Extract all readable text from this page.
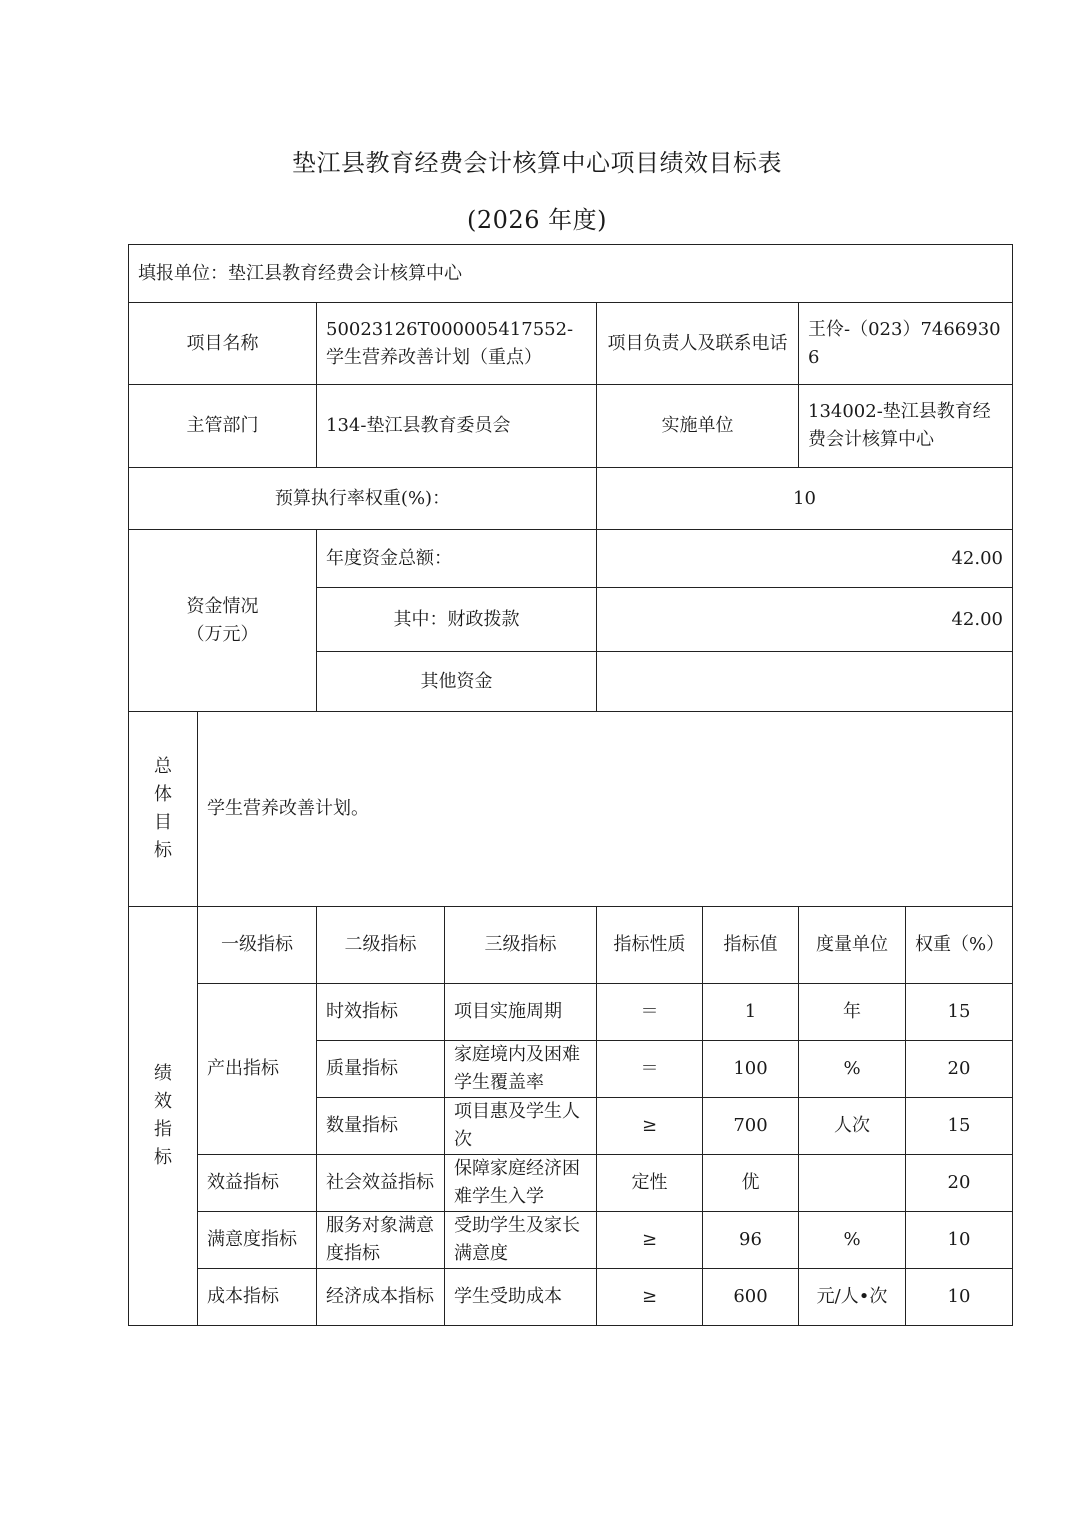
垫江县教育经费会计核算中心项目绩效目标表
(2026 年度)
填报单位：垫江县教育经费会计核算中心							
项目名称		50023126T000005417552-学生营养改善计划（重点）		项目负责人及联系电话		王伶-（023）74669306	
主管部门		134-垫江县教育委员会		实施单位		134002-垫江县教育经费会计核算中心	
预算执行率权重(%)：				10			
资金情况（万元）		年度资金总额：		42.00			
		其中：财政拨款		42.00			
		其他资金					
总体目标	学生营养改善计划。						
绩效指标	一级指标	二级指标	三级指标	指标性质	指标值	度量单位	权重（%）
	产出指标	时效指标	项目实施周期	＝	1	年	15
		质量指标	家庭境内及困难学生覆盖率	＝	100	%	20
		数量指标	项目惠及学生人次	≥	700	人次	15
	效益指标	社会效益指标	保障家庭经济困难学生入学	定性	优		20
	满意度指标	服务对象满意度指标	受助学生及家长满意度	≥	96	%	10
	成本指标	经济成本指标	学生受助成本	≥	600	元/人•次	10
